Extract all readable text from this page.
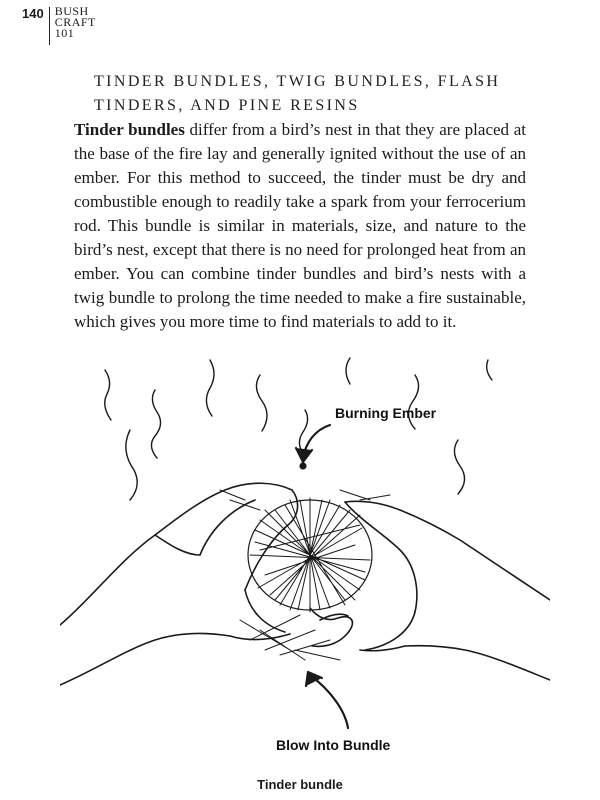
140 BUSH
CRAFT
101
TINDER BUNDLES, TWIG BUNDLES, FLASH TINDERS, AND PINE RESINS

Tinder bundles differ from a bird’s nest in that they are placed at the base of the fire lay and generally ignited without the use of an ember. For this method to succeed, the tinder must be dry and combustible enough to readily take a spark from your ferrocerium rod. This bundle is similar in materials, size, and nature to the bird’s nest, except that there is no need for prolonged heat from an ember. You can combine tinder bundles and bird’s nests with a twig bundle to prolong the time needed to make a fire sustainable, which gives you more time to find materials to add to it.

Burning Ember
Blow Into Bundle
Tinder bundle
